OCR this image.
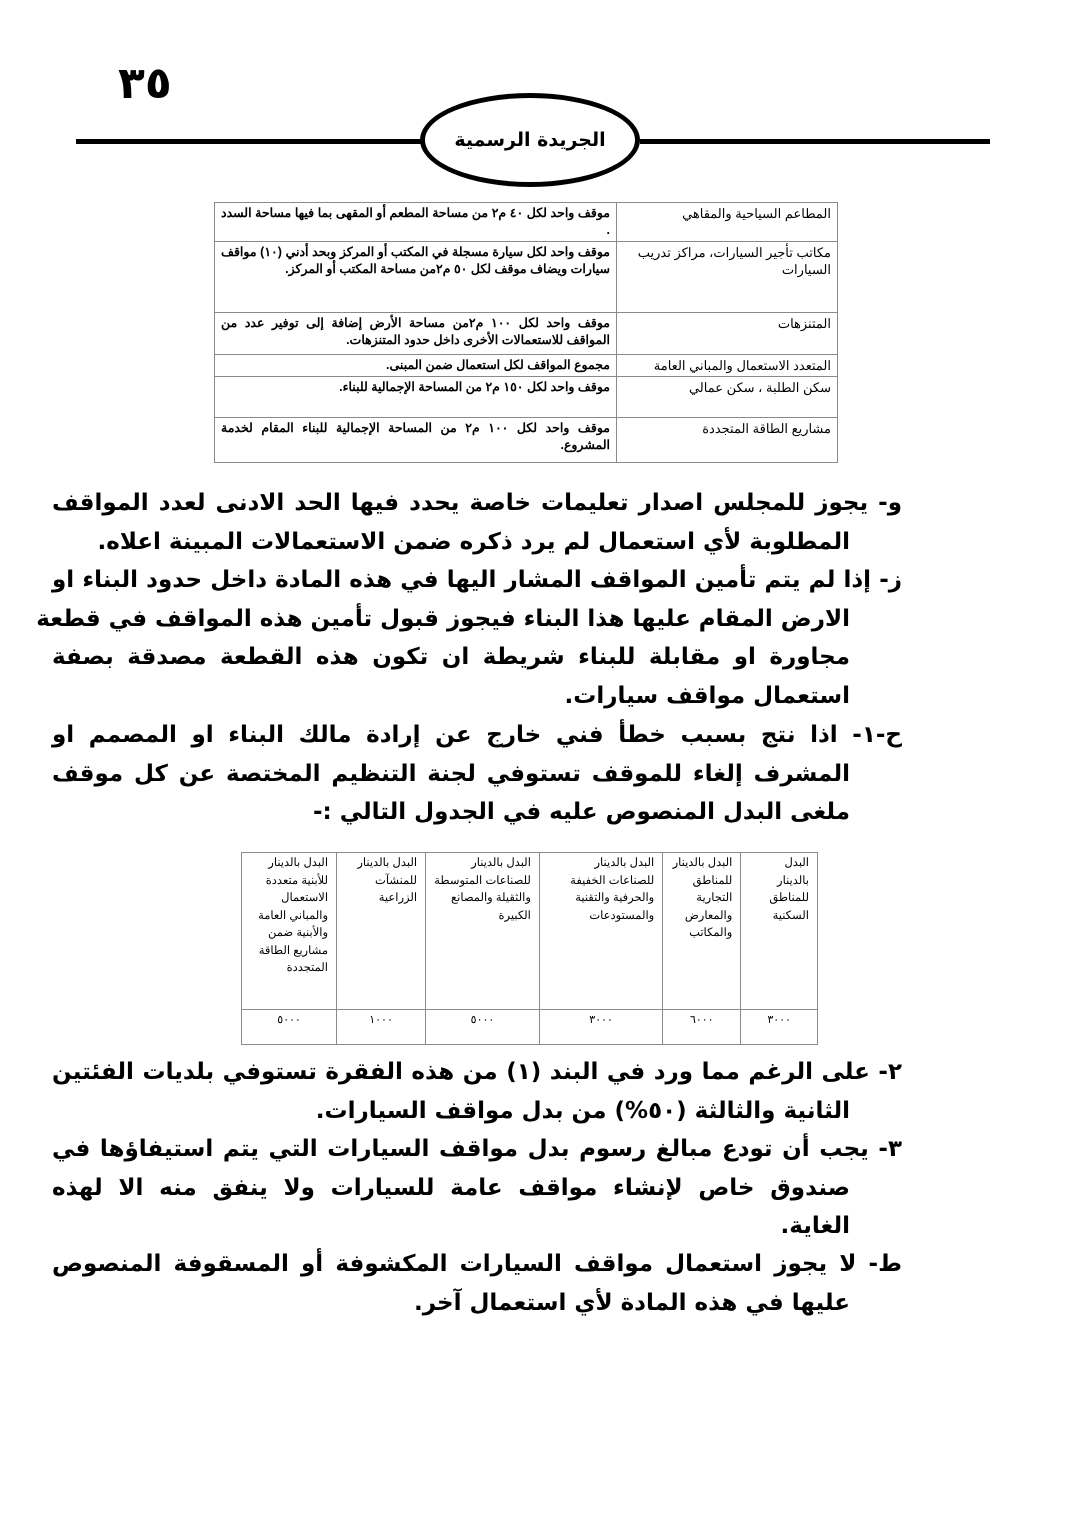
٣٥
الجريدة الرسمية
المطاعم السياحية والمقاهي	موقف واحد لكل ٤٠ م٢ من مساحة المطعم أو المقهى بما فيها مساحة السدد .
مكاتب تأجير السيارات، مراكز تدريب السيارات	موقف واحد لكل سيارة مسجلة في المكتب أو المركز وبحد أدني (١٠) مواقف سيارات ويضاف موقف لكل ٥٠ م٢من مساحة المكتب أو المركز.
المتنزهات	موقف واحد لكل ١٠٠ م٢من مساحة الأرض إضافة إلى توفير عدد من المواقف للاستعمالات الأخرى داخل حدود المتنزهات.
المتعدد الاستعمال والمباني العامة	مجموع المواقف لكل استعمال ضمن المبنى.
سكن الطلبة ، سكن عمالي	موقف واحد لكل ١٥٠ م٢ من المساحة الإجمالية للبناء.
مشاريع الطاقة المتجددة	موقف واحد لكل ١٠٠ م٢ من المساحة الإجمالية للبناء المقام لخدمة المشروع.
و- يجوز للمجلس اصدار تعليمات خاصة يحدد فيها الحد الادنى لعدد المواقف
المطلوبة لأي استعمال لم يرد ذكره ضمن الاستعمالات المبينة اعلاه.
ز- إذا لم يتم تأمين المواقف المشار اليها في هذه المادة داخل حدود البناء او
الارض المقام عليها هذا البناء فيجوز قبول تأمين هذه المواقف في قطعة
مجاورة او مقابلة للبناء شريطة ان تكون هذه القطعة مصدقة بصفة
استعمال مواقف سيارات.
ح-١- اذا نتج بسبب خطأ فني خارج عن إرادة مالك البناء او المصمم او
المشرف إلغاء للموقف تستوفي لجنة التنظيم المختصة عن كل موقف
ملغى البدل المنصوص عليه في الجدول التالي :-
البدل بالدينار للمناطق السكنية	البدل بالدينار للمناطق التجارية والمعارض والمكاتب	البدل بالدينار للصناعات الخفيفة والحرفية والتقنية والمستودعات	البدل بالدينار للصناعات المتوسطة والثقيلة والمصانع الكبيرة	البدل بالدينار للمنشآت الزراعية	البدل بالدينار للأبنية متعددة الاستعمال والمباني العامة والأبنية ضمن مشاريع الطاقة المتجددة
٣٠٠٠	٦٠٠٠	٣٠٠٠	٥٠٠٠	١٠٠٠	٥٠٠٠
٢- على الرغم مما ورد في البند (١) من هذه الفقرة تستوفي بلديات الفئتين
الثانية والثالثة (٥٠%) من بدل مواقف السيارات.
٣- يجب أن تودع مبالغ رسوم بدل مواقف السيارات التي يتم استيفاؤها في
صندوق خاص لإنشاء مواقف عامة للسيارات ولا ينفق منه الا لهذه
الغاية.
ط- لا يجوز استعمال مواقف السيارات المكشوفة أو المسقوفة المنصوص
عليها في هذه المادة لأي استعمال آخر.
